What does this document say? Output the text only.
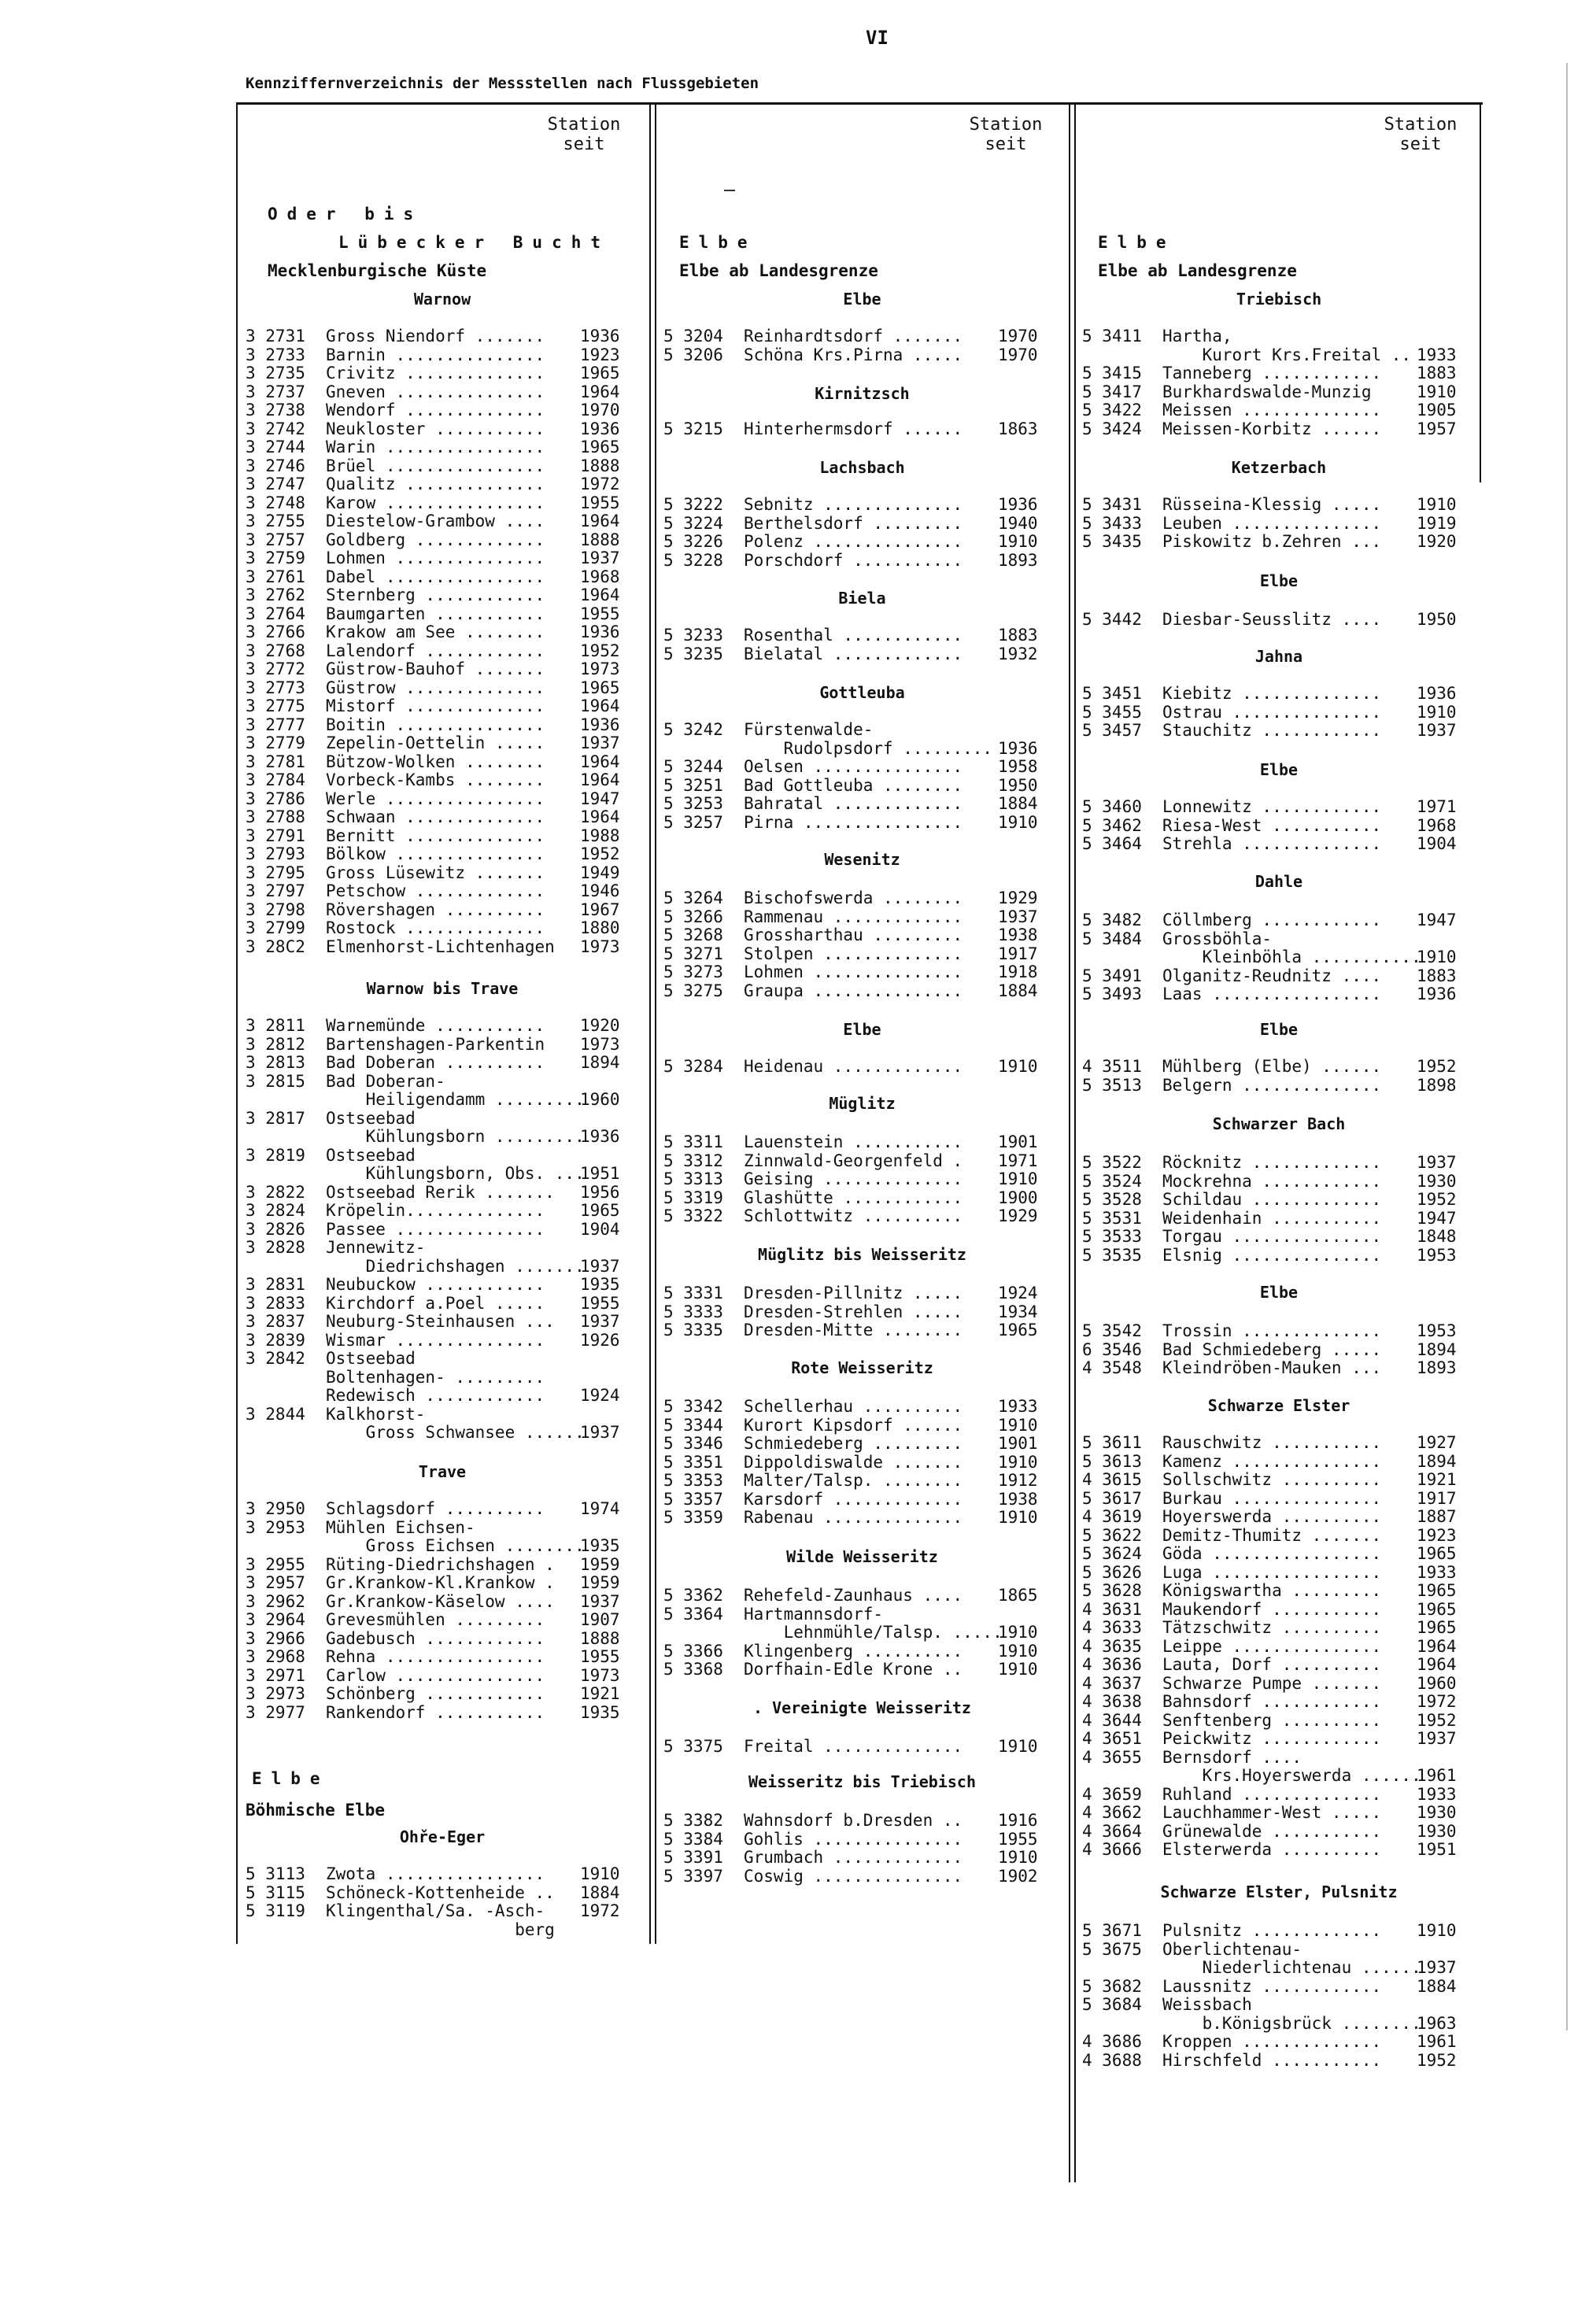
VI
Kennziffernverzeichnis der Messstellen nach Flussgebieten
Station
seit
Oder bis
Lübecker Bucht
Mecklenburgische Küste
Warnow
3 2731 Gross Niendorf ....... 1936
3 2733 Barnin ............... 1923
3 2735 Crivitz .............. 1965
3 2737 Gneven ............... 1964
3 2738 Wendorf .............. 1970
3 2742 Neukloster ........... 1936
3 2744 Warin ................ 1965
3 2746 Brüel ................ 1888
3 2747 Qualitz .............. 1972
3 2748 Karow ................ 1955
3 2755 Diestelow-Grambow .... 1964
3 2757 Goldberg ............. 1888
3 2759 Lohmen ............... 1937
3 2761 Dabel ................ 1968
3 2762 Sternberg ............ 1964
3 2764 Baumgarten ........... 1955
3 2766 Krakow am See ........ 1936
3 2768 Lalendorf ............ 1952
3 2772 Güstrow-Bauhof ....... 1973
3 2773 Güstrow .............. 1965
3 2775 Mistorf .............. 1964
3 2777 Boitin ............... 1936
3 2779 Zepelin-Oettelin ..... 1937
3 2781 Bützow-Wolken ........ 1964
3 2784 Vorbeck-Kambs ........ 1964
3 2786 Werle ................ 1947
3 2788 Schwaan .............. 1964
3 2791 Bernitt .............. 1988
3 2793 Bölkow ............... 1952
3 2795 Gross Lüsewitz ....... 1949
3 2797 Petschow ............. 1946
3 2798 Rövershagen .......... 1967
3 2799 Rostock .............. 1880
3 28C2 Elmenhorst-Lichtenhagen 1973
Warnow bis Trave
3 2811 Warnemünde ........... 1920
3 2812 Bartenshagen-Parkentin 1973
3 2813 Bad Doberan .......... 1894
3 2815 Bad Doberan-
Heiligendamm .........
1960
3 2817 Ostseebad
Kühlungsborn .........
1936
3 2819 Ostseebad
Kühlungsborn, Obs. ...
1951
3 2822 Ostseebad Rerik ....... 1956
3 2824 Kröpelin.............. 1965
3 2826 Passee ............... 1904
3 2828 Jennewitz-
Diedrichshagen .......
1937
3 2831 Neubuckow ............ 1935
3 2833 Kirchdorf a.Poel ..... 1955
3 2837 Neuburg-Steinhausen ... 1937
3 2839 Wismar ............... 1926
3 2842 Ostseebad
Boltenhagen- .........
Redewisch ............ 1924
3 2844 Kalkhorst-
Gross Schwansee ......
1937
Trave
3 2950 Schlagsdorf .......... 1974
3 2953 Mühlen Eichsen-
Gross Eichsen ........
1935
3 2955 Rüting-Diedrichshagen . 1959
3 2957 Gr.Krankow-Kl.Krankow . 1959
3 2962 Gr.Krankow-Käselow .... 1937
3 2964 Grevesmühlen ......... 1907
3 2966 Gadebusch ............ 1888
3 2968 Rehna ................ 1955
3 2971 Carlow ............... 1973
3 2973 Schönberg ............ 1921
3 2977 Rankendorf ........... 1935
Elbe
Böhmische Elbe
Ohře-Eger
5 3113 Zwota ................ 1910
5 3115 Schöneck-Kottenheide .. 1884
5 3119 Klingenthal/Sa. -Asch- 1972
berg
Station
seit
Elbe
Elbe ab Landesgrenze
Elbe
5 3204 Reinhardtsdorf ....... 1970
5 3206 Schöna Krs.Pirna ..... 1970
Kirnitzsch
5 3215 Hinterhermsdorf ...... 1863
Lachsbach
5 3222 Sebnitz .............. 1936
5 3224 Berthelsdorf ......... 1940
5 3226 Polenz ............... 1910
5 3228 Porschdorf ........... 1893
Biela
5 3233 Rosenthal ............ 1883
5 3235 Bielatal ............. 1932
Gottleuba
5 3242 Fürstenwalde-
Rudolpsdorf ......... 1936
5 3244 Oelsen ............... 1958
5 3251 Bad Gottleuba ........ 1950
5 3253 Bahratal ............. 1884
5 3257 Pirna ................ 1910
Wesenitz
5 3264 Bischofswerda ........ 1929
5 3266 Rammenau ............. 1937
5 3268 Grossharthau ......... 1938
5 3271 Stolpen .............. 1917
5 3273 Lohmen ............... 1918
5 3275 Graupa ............... 1884
Elbe
5 3284 Heidenau ............. 1910
Müglitz
5 3311 Lauenstein ........... 1901
5 3312 Zinnwald-Georgenfeld . 1971
5 3313 Geising .............. 1910
5 3319 Glashütte ............ 1900
5 3322 Schlottwitz .......... 1929
Müglitz bis Weisseritz
5 3331 Dresden-Pillnitz ..... 1924
5 3333 Dresden-Strehlen ..... 1934
5 3335 Dresden-Mitte ........ 1965
Rote Weisseritz
5 3342 Schellerhau .......... 1933
5 3344 Kurort Kipsdorf ...... 1910
5 3346 Schmiedeberg ......... 1901
5 3351 Dippoldiswalde ....... 1910
5 3353 Malter/Talsp. ........ 1912
5 3357 Karsdorf ............. 1938
5 3359 Rabenau .............. 1910
Wilde Weisseritz
5 3362 Rehefeld-Zaunhaus .... 1865
5 3364 Hartmannsdorf-
Lehnmühle/Talsp. .....
1910
5 3366 Klingenberg .......... 1910
5 3368 Dorfhain-Edle Krone .. 1910
. Vereinigte Weisseritz
5 3375 Freital .............. 1910
Weisseritz bis Triebisch
5 3382 Wahnsdorf b.Dresden .. 1916
5 3384 Gohlis ............... 1955
5 3391 Grumbach ............. 1910
5 3397 Coswig ............... 1902
Station
seit
Elbe
Elbe ab Landesgrenze
Triebisch
5 3411 Hartha,
Kurort Krs.Freital .. 1933
5 3415 Tanneberg ............ 1883
5 3417 Burkhardswalde-Munzig	1910
5 3422 Meissen .............. 1905
5 3424 Meissen-Korbitz ...... 1957
Ketzerbach
5 3431 Rüsseina-Klessig ..... 1910
5 3433 Leuben ............... 1919
5 3435 Piskowitz b.Zehren ... 1920
Elbe
5 3442 Diesbar-Seusslitz .... 1950
Jahna
5 3451 Kiebitz .............. 1936
5 3455 Ostrau ............... 1910
5 3457 Stauchitz ............ 1937
Elbe
5 3460 Lonnewitz ............ 1971
5 3462 Riesa-West ........... 1968
5 3464 Strehla .............. 1904
Dahle
5 3482 Cöllmberg ............ 1947
5 3484 Grossböhla-
Kleinböhla ...........
1910
5 3491 Olganitz-Reudnitz .... 1883
5 3493 Laas ................. 1936
Elbe
4 3511 Mühlberg (Elbe) ...... 1952
5 3513 Belgern .............. 1898
Schwarzer Bach
5 3522 Röcknitz ............. 1937
5 3524 Mockrehna ............ 1930
5 3528 Schildau ............. 1952
5 3531 Weidenhain ........... 1947
5 3533 Torgau ............... 1848
5 3535 Elsnig ............... 1953
Elbe
5 3542 Trossin .............. 1953
6 3546 Bad Schmiedeberg ..... 1894
4 3548 Kleindröben-Mauken ... 1893
Schwarze Elster
5 3611 Rauschwitz ........... 1927
5 3613 Kamenz ............... 1894
4 3615 Sollschwitz .......... 1921
5 3617 Burkau ............... 1917
4 3619 Hoyerswerda .......... 1887
5 3622 Demitz-Thumitz ....... 1923
5 3624 Göda ................. 1965
5 3626 Luga ................. 1933
5 3628 Königswartha ......... 1965
4 3631 Maukendorf ........... 1965
4 3633 Tätzschwitz .......... 1965
4 3635 Leippe ............... 1964
4 3636 Lauta, Dorf .......... 1964
4 3637 Schwarze Pumpe ....... 1960
4 3638 Bahnsdorf ............ 1972
4 3644 Senftenberg .......... 1952
4 3651 Peickwitz ............ 1937
4 3655 Bernsdorf ....
Krs.Hoyerswerda ......
1961
4 3659 Ruhland .............. 1933
4 3662 Lauchhammer-West ..... 1930
4 3664 Grünewalde ........... 1930
4 3666 Elsterwerda .......... 1951
Schwarze Elster, Pulsnitz
5 3671 Pulsnitz ............. 1910
5 3675 Oberlichtenau-
Niederlichtenau ......
1937
5 3682 Laussnitz ............ 1884
5 3684 Weissbach
b.Königsbrück ........
1963
4 3686 Kroppen .............. 1961
4 3688 Hirschfeld ........... 1952
